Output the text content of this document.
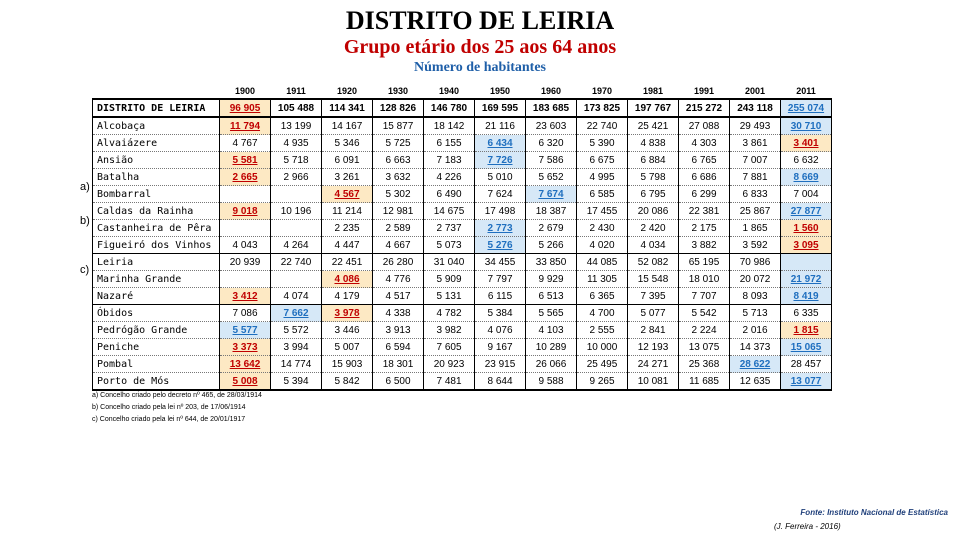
DISTRITO DE LEIRIA
Grupo etário dos 25 aos 64 anos
Número de habitantes
	1900	1911	1920	1930	1940	1950	1960	1970	1981	1991	2001	2011
DISTRITO DE LEIRIA	96 905	105 488	114 341	128 826	146 780	169 595	183 685	173 825	197 767	215 272	243 118	255 074
Alcobaça	11 794	13 199	14 167	15 877	18 142	21 116	23 603	22 740	25 421	27 088	29 493	30 710
Alvaiázere	4 767	4 935	5 346	5 725	6 155	6 434	6 320	5 390	4 838	4 303	3 861	3 401
Ansião	5 581	5 718	6 091	6 663	7 183	7 726	7 586	6 675	6 884	6 765	7 007	6 632
Batalha	2 665	2 966	3 261	3 632	4 226	5 010	5 652	4 995	5 798	6 686	7 881	8 669
Bombarral			4 567	5 302	6 490	7 624	7 674	6 585	6 795	6 299	6 833	7 004
Caldas da Rainha	9 018	10 196	11 214	12 981	14 675	17 498	18 387	17 455	20 086	22 381	25 867	27 877
Castanheira de Pêra			2 235	2 589	2 737	2 773	2 679	2 430	2 420	2 175	1 865	1 560
Figueiró dos Vinhos	4 043	4 264	4 447	4 667	5 073	5 276	5 266	4 020	4 034	3 882	3 592	3 095
Leiria	20 939	22 740	22 451	26 280	31 040	34 455	33 850	44 085	52 082	65 195	70 986	
Marinha Grande			4 086	4 776	5 909	7 797	9 929	11 305	15 548	18 010	20 072	21 972
Nazaré	3 412	4 074	4 179	4 517	5 131	6 115	6 513	6 365	7 395	7 707	8 093	8 419
Óbidos	7 086	7 662	3 978	4 338	4 782	5 384	5 565	4 700	5 077	5 542	5 713	6 335
Pedrógão Grande	5 577	5 572	3 446	3 913	3 982	4 076	4 103	2 555	2 841	2 224	2 016	1 815
Peniche	3 373	3 994	5 007	6 594	7 605	9 167	10 289	10 000	12 193	13 075	14 373	15 065
Pombal	13 642	14 774	15 903	18 301	20 923	23 915	26 066	25 495	24 271	25 368	28 622	28 457
Porto de Mós	5 008	5 394	5 842	6 500	7 481	8 644	9 588	9 265	10 081	11 685	12 635	13 077
a)
b)
c)
a) Concelho criado pelo decreto nº 465, de 28/03/1914
b) Concelho criado pela lei nº 203, de 17/06/1914
c) Concelho criado pela lei nº 644, de 20/01/1917
Fonte: Instituto Nacional de Estatística
(J. Ferreira - 2016)
